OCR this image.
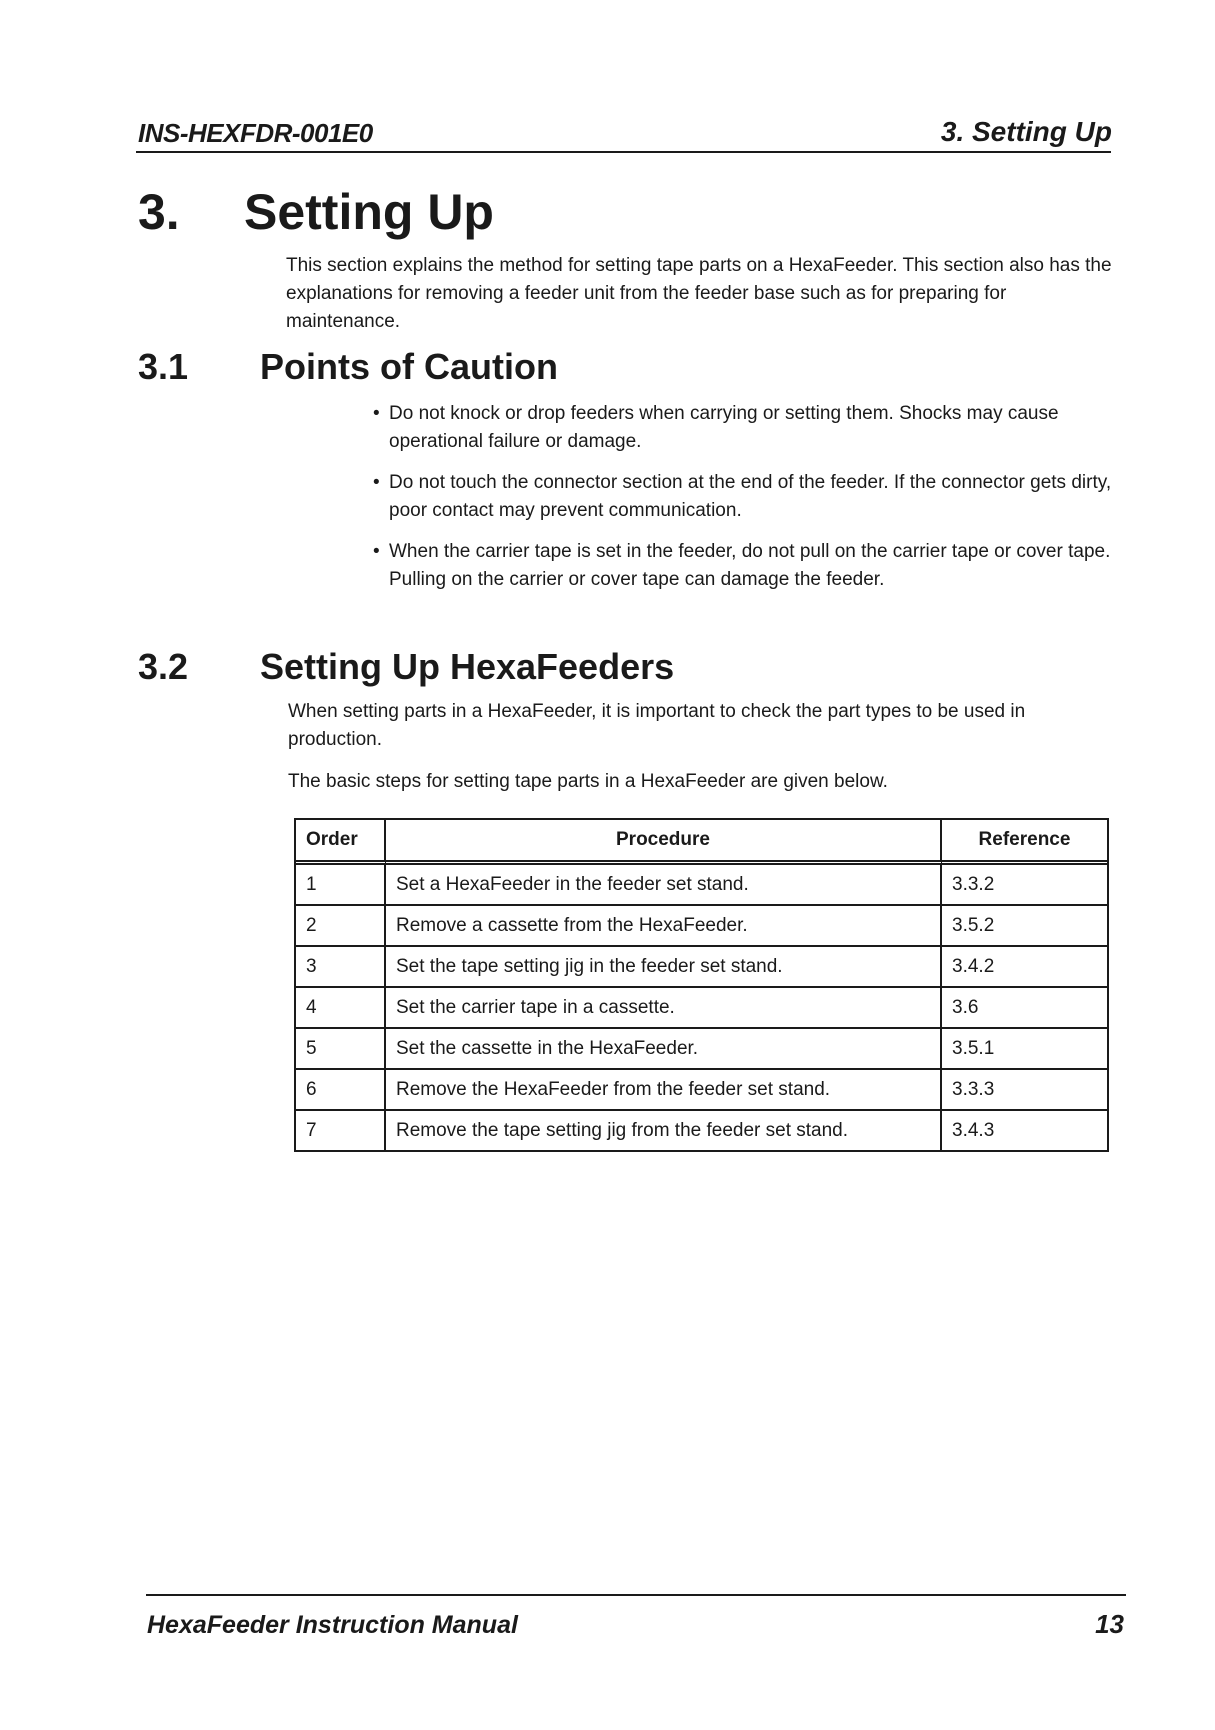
INS-HEXFDR-001E0	3. Setting Up
3. Setting Up
This section explains the method for setting tape parts on a HexaFeeder. This section also has the explanations for removing a feeder unit from the feeder base such as for preparing for maintenance.
3.1 Points of Caution
• Do not knock or drop feeders when carrying or setting them. Shocks may cause operational failure or damage.
• Do not touch the connector section at the end of the feeder. If the connector gets dirty, poor contact may prevent communication.
• When the carrier tape is set in the feeder, do not pull on the carrier tape or cover tape. Pulling on the carrier or cover tape can damage the feeder.
3.2 Setting Up HexaFeeders
When setting parts in a HexaFeeder, it is important to check the part types to be used in production.
The basic steps for setting tape parts in a HexaFeeder are given below.
Order	Procedure	Reference
1	Set a HexaFeeder in the feeder set stand.	3.3.2
2	Remove a cassette from the HexaFeeder.	3.5.2
3	Set the tape setting jig in the feeder set stand.	3.4.2
4	Set the carrier tape in a cassette.	3.6
5	Set the cassette in the HexaFeeder.	3.5.1
6	Remove the HexaFeeder from the feeder set stand.	3.3.3
7	Remove the tape setting jig from the feeder set stand.	3.4.3
HexaFeeder Instruction Manual	13
